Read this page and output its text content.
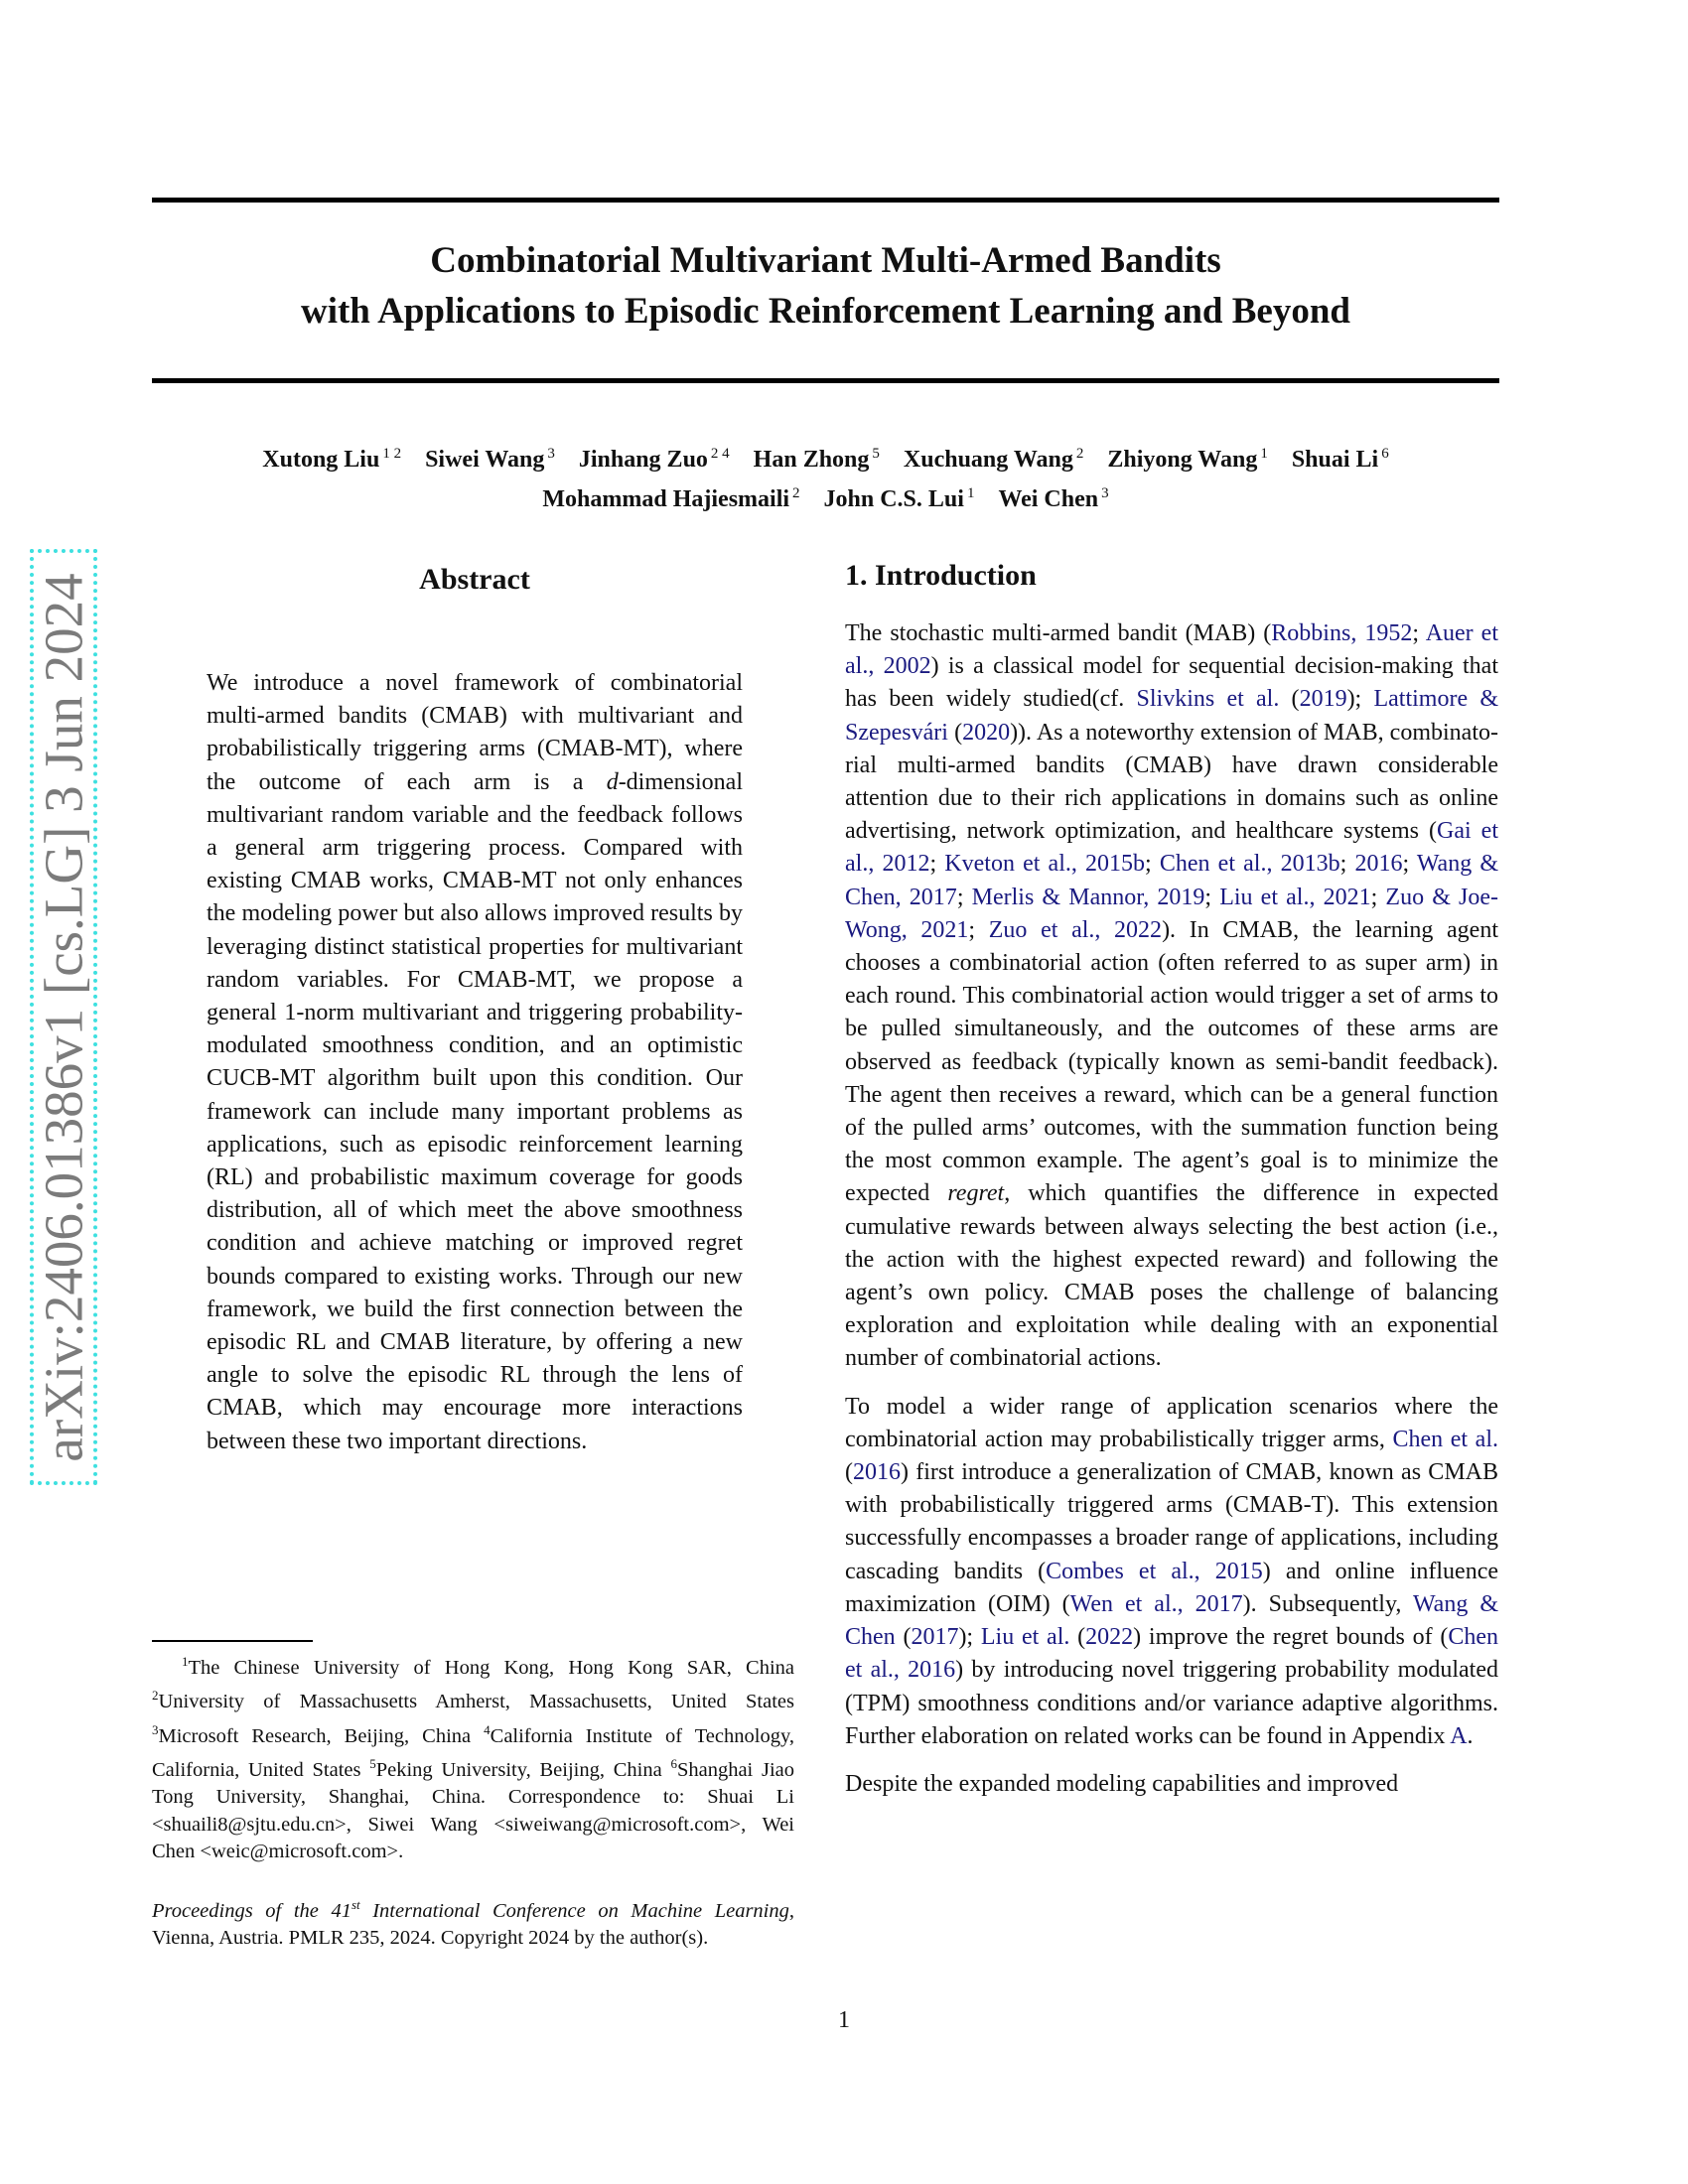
Combinatorial Multivariant Multi-Armed Bandits
with Applications to Episodic Reinforcement Learning and Beyond
Xutong Liu $^{1 2}$ Siwei Wang $^3$ Jinhang Zuo $^{2 4}$ Han Zhong $^5$ Xuchuang Wang $^2$ Zhiyong Wang $^1$ Shuai Li $^6$
Mohammad Hajiesmaili $^2$ John C.S. Lui $^1$ Wei Chen $^3$
arXiv:2406.01386v1 [cs.LG] 3 Jun 2024	Abstract
We introduce a novel framework of combinatorial multi-armed bandits (CMAB) with multivariant and probabilistically triggering arms (CMAB-MT), where the outcome of each arm is a d-dimensional multivariant random variable and the feedback follows a general arm triggering process. Compared with existing CMAB works, CMAB-MT not only enhances the modeling power but also allows improved results by leveraging distinct statistical properties for multivariant random variables. For CMAB-MT, we propose a general 1-norm multivariant and triggering probability-modulated smoothness condition, and an optimistic CUCB-MT algorithm built upon this condition. Our framework can include many important problems as applications, such as episodic reinforcement learning (RL) and probabilistic maximum coverage for goods distribution, all of which meet the above smoothness condition and achieve matching or improved regret bounds compared to existing works. Through our new framework, we build the first connection between the episodic RL and CMAB literature, by offering a new angle to solve the episodic RL through the lens of CMAB, which may encourage more interactions between these two important directions.

$^1$The Chinese University of Hong Kong, Hong Kong SAR, China $^2$University of Massachusetts Amherst, Massachusetts, United States $^3$Microsoft Research, Beijing, China $^4$California Institute of Technology, California, United States $^5$Peking University, Beijing, China $^6$Shanghai Jiao Tong University, Shanghai, China. Correspondence to: Shuai Li <shuaili8@sjtu.edu.cn>, Siwei Wang <siweiwang@microsoft.com>, Wei Chen <weic@microsoft.com>.

Proceedings of the 41st International Conference on Machine Learning, Vienna, Austria. PMLR 235, 2024. Copyright 2024 by the author(s).
1. Introduction

The stochastic multi-armed bandit (MAB) (Robbins, 1952; Auer et al., 2002) is a classical model for sequential decision-making that has been widely studied(cf. Slivkins et al. (2019); Lattimore & Szepesvári (2020)). As a noteworthy extension of MAB, combinatorial multi-armed bandits (CMAB) have drawn considerable attention due to their rich applications in domains such as online advertising, network optimization, and healthcare systems (Gai et al., 2012; Kveton et al., 2015b; Chen et al., 2013b; 2016; Wang & Chen, 2017; Merlis & Mannor, 2019; Liu et al., 2021; Zuo & Joe-Wong, 2021; Zuo et al., 2022). In CMAB, the learning agent chooses a combinatorial action (often referred to as super arm) in each round. This combinatorial action would trigger a set of arms to be pulled simultaneously, and the outcomes of these arms are observed as feedback (typically known as semi-bandit feedback). The agent then receives a reward, which can be a general function of the pulled arms’ outcomes, with the summation function being the most common example. The agent’s goal is to minimize the expected regret, which quantifies the difference in expected cumulative rewards between always selecting the best action (i.e., the action with the highest expected reward) and following the agent’s own policy. CMAB poses the challenge of balancing exploration and exploitation while dealing with an exponential number of combinatorial actions.

To model a wider range of application scenarios where the combinatorial action may probabilistically trigger arms, Chen et al. (2016) first introduce a generalization of CMAB, known as CMAB with probabilistically triggered arms (CMAB-T). This extension successfully encompasses a broader range of applications, including cascading bandits (Combes et al., 2015) and online influence maximization (OIM) (Wen et al., 2017). Subsequently, Wang & Chen (2017); Liu et al. (2022) improve the regret bounds of (Chen et al., 2016) by introducing novel triggering probability modulated (TPM) smoothness conditions and/or variance adaptive algorithms. Further elaboration on related works can be found in Appendix A.

Despite the expanded modeling capabilities and improved

1
